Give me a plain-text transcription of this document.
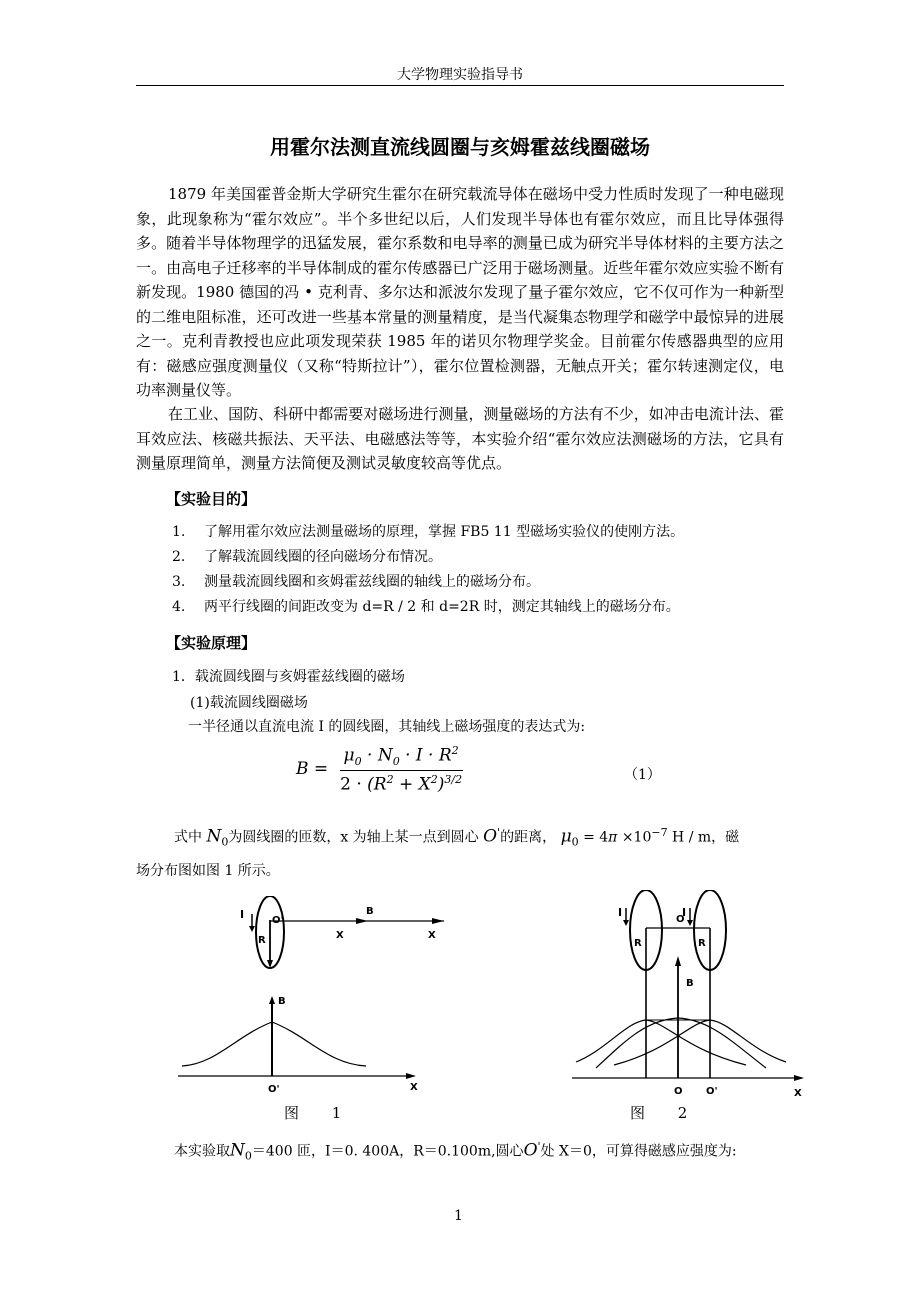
大学物理实验指导书
用霍尔法测直流线圆圈与亥姆霍兹线圈磁场

1879 年美国霍普金斯大学研究生霍尔在研究载流导体在磁场中受力性质时发现了一种电磁现象，此现象称为“霍尔效应”。半个多世纪以后，人们发现半导体也有霍尔效应，而且比导体强得多。随着半导体物理学的迅猛发展，霍尔系数和电导率的测量已成为研究半导体材料的主要方法之一。由高电子迁移率的半导体制成的霍尔传感器已广泛用于磁场测量。近些年霍尔效应实验不断有新发现。1980 德国的冯 • 克利青、多尔达和派波尔发现了量子霍尔效应，它不仅可作为一种新型的二维电阻标准，还可改进一些基本常量的测量精度，是当代凝集态物理学和磁学中最惊异的进展之一。克利青教授也应此项发现荣获 1985 年的诺贝尔物理学奖金。目前霍尔传感器典型的应用有：磁感应强度测量仪（又称“特斯拉计”），霍尔位置检测器，无触点开关；霍尔转速测定仪，电功率测量仪等。

在工业、国防、科研中都需要对磁场进行测量，测量磁场的方法有不少，如冲击电流计法、霍耳效应法、核磁共振法、天平法、电磁感法等等，本实验介绍“霍尔效应法测磁场的方法，它具有测量原理简单，测量方法简便及测试灵敏度较高等优点。

【实验目的】
1. 了解用霍尔效应法测量磁场的原理，掌握 FB5 11 型磁场实验仪的使刚方法。
2. 了解载流圆线圈的径向磁场分布情况。
3. 测量载流圆线圈和亥姆霍兹线圈的轴线上的磁场分布。
4. 两平行线圈的间距改变为 d=R / 2 和 d=2R 时，测定其轴线上的磁场分布。
【实验原理】
1．载流圆线圈与亥姆霍兹线圈的磁场
(1)载流圆线圈磁场
一半径通以直流电流 I 的圆线圈，其轴线上磁场强度的表达式为:
$B = \frac{\mu_0 \cdot N_0 \cdot I \cdot R^2}{2 \cdot (R^2 + X^2)^{3/2}}$	（1）
式中 $N_0$为圆线圈的匝数，x 为轴上某一点到圆心 O'的距离， $\mu_0 = 4\pi \times 10^{-7}$ H / m，磁
场分布图如图 1 所示。
I	O'
R
B
X	X
B
O'	X
图 1
I	I
O
R	R
B
O O'	X
图 2
本实验取$N_0=400$ 匝，I＝0. 400A，R＝0.100m,圆心O'处 X＝0，可算得磁感应强度为:
1
